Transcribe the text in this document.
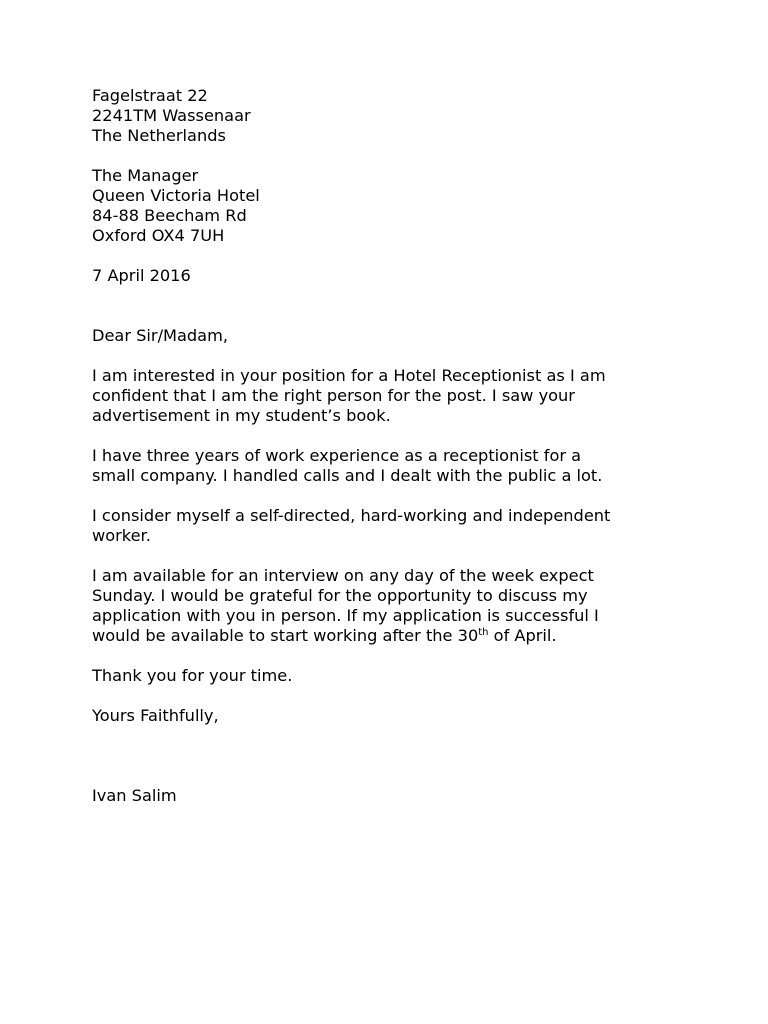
Fagelstraat 22
2241TM Wassenaar
The Netherlands
The Manager
Queen Victoria Hotel
84-88 Beecham Rd
Oxford OX4 7UH
7 April 2016
Dear Sir/Madam,
I am interested in your position for a Hotel Receptionist as I am
confident that I am the right person for the post. I saw your
advertisement in my student’s book.
I have three years of work experience as a receptionist for a
small company. I handled calls and I dealt with the public a lot.
I consider myself a self-directed, hard-working and independent
worker.
I am available for an interview on any day of the week expect
Sunday. I would be grateful for the opportunity to discuss my
application with you in person. If my application is successful I
would be available to start working after the 30th of April.
Thank you for your time.
Yours Faithfully,
Ivan Salim
